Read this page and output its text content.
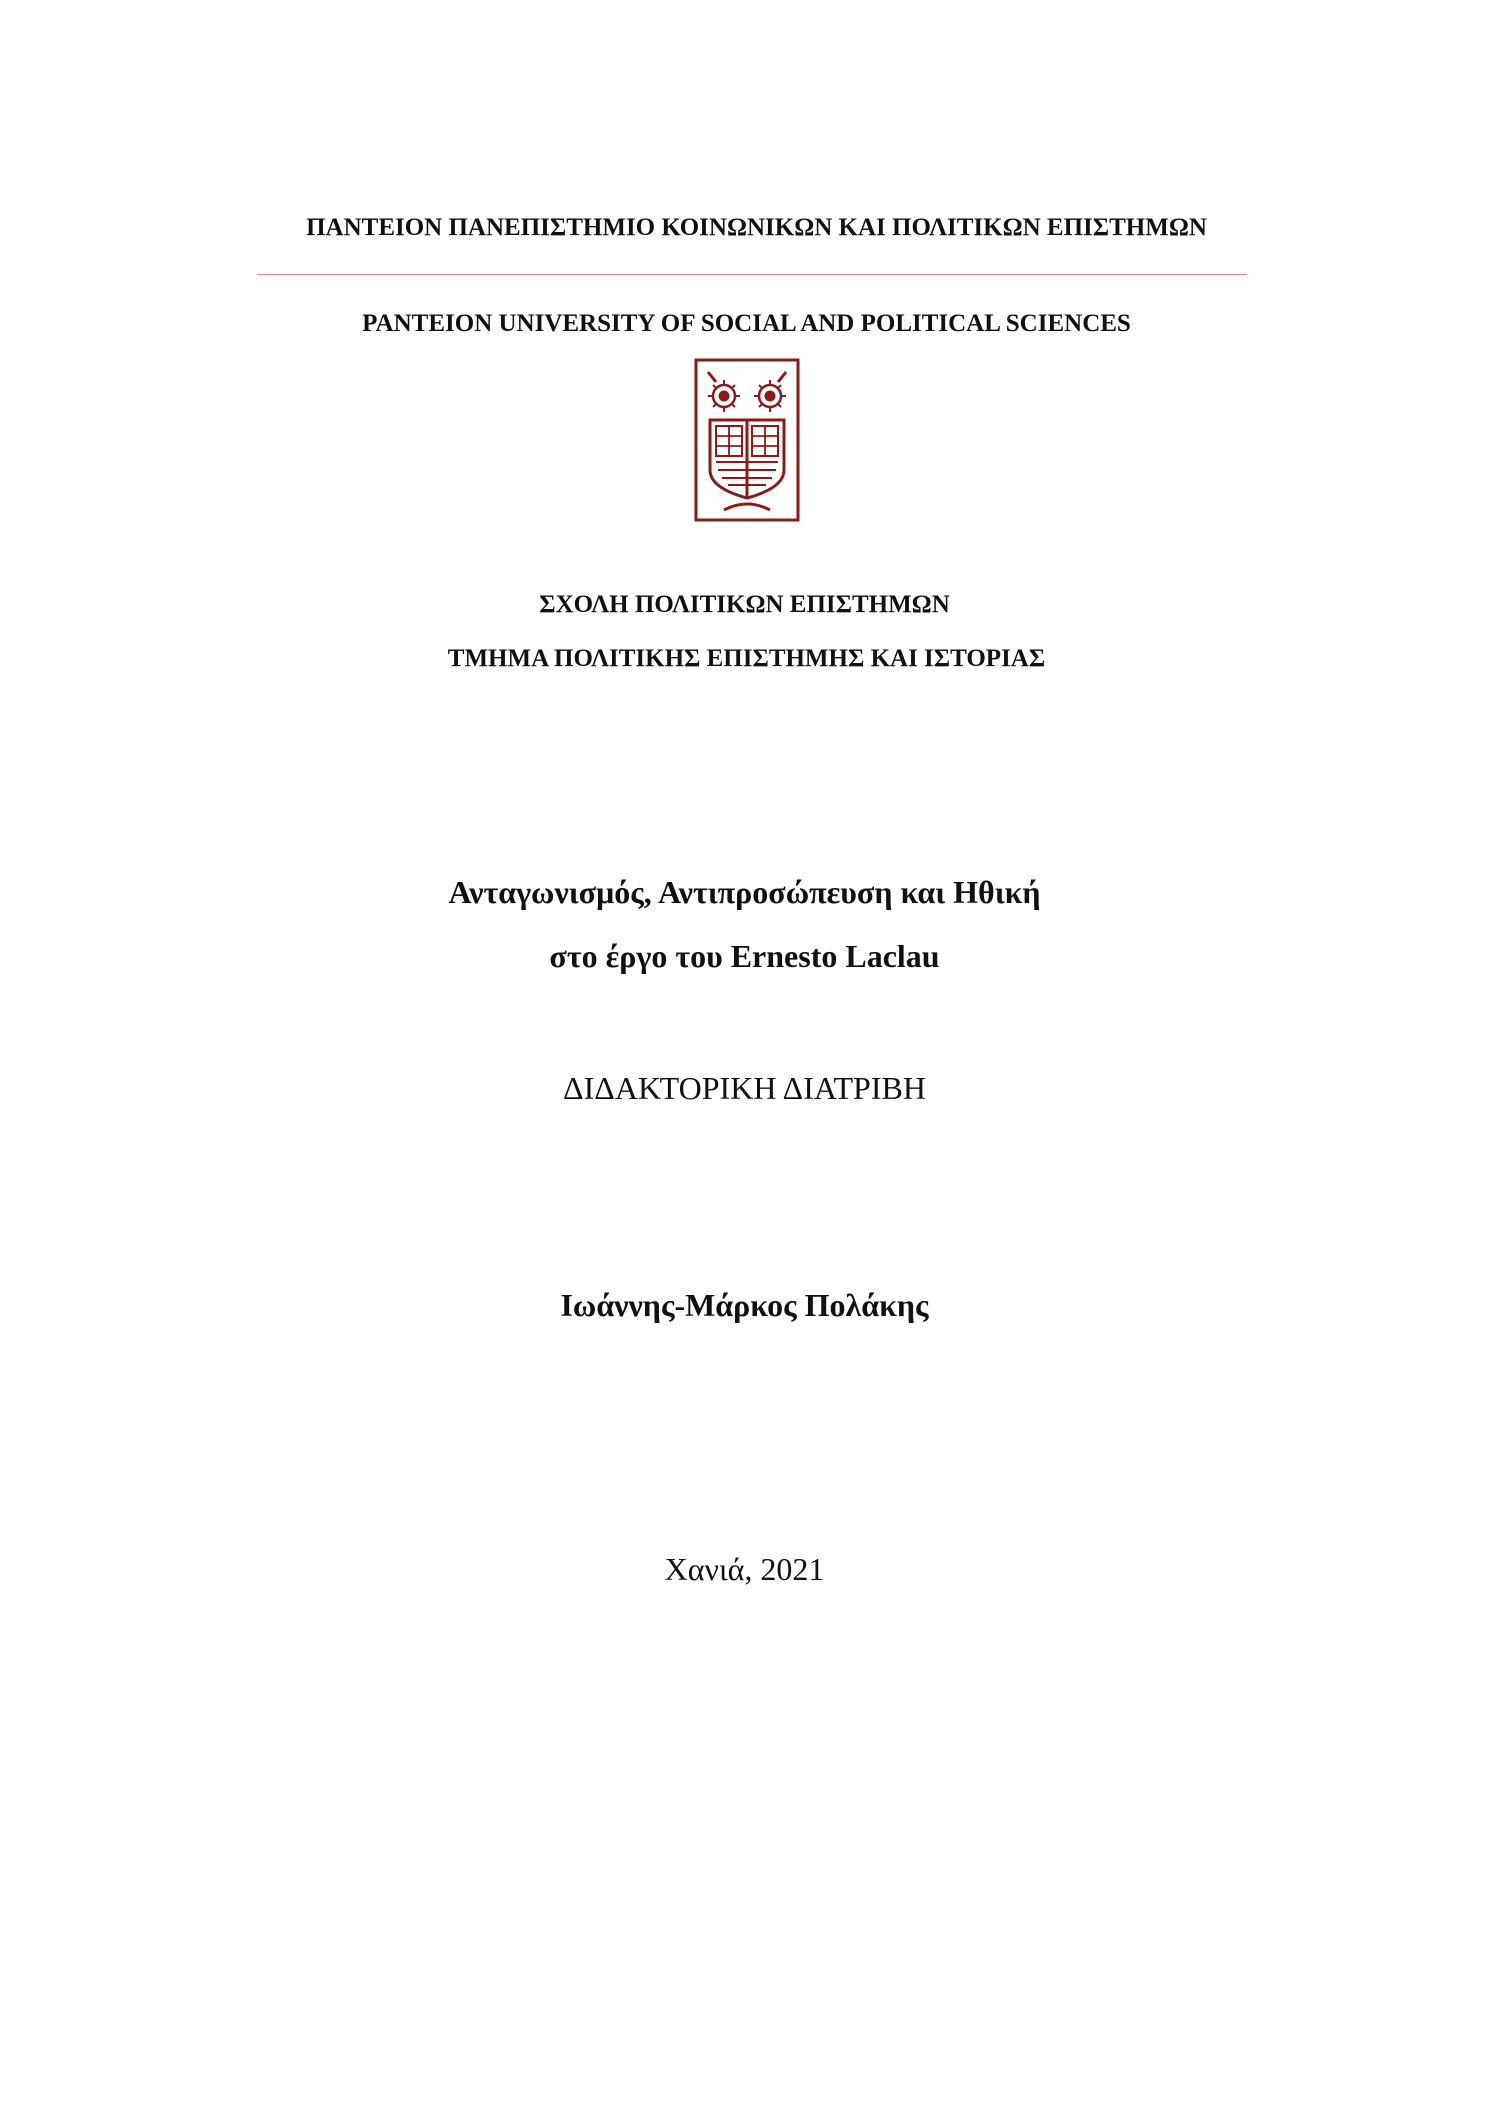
ΠΑΝΤΕΙΟΝ ΠΑΝΕΠΙΣΤΗΜΙΟ ΚΟΙΝΩΝΙΚΩΝ ΚΑΙ ΠΟΛΙΤΙΚΩΝ ΕΠΙΣΤΗΜΩΝ
PANTEION UNIVERSITY OF SOCIAL AND POLITICAL SCIENCES
ΣΧΟΛΗ ΠΟΛΙΤΙΚΩΝ ΕΠΙΣΤΗΜΩΝ
ΤΜΗΜΑ ΠΟΛΙΤΙΚΗΣ ΕΠΙΣΤΗΜΗΣ ΚΑΙ ΙΣΤΟΡΙΑΣ
Ανταγωνισμός, Αντιπροσώπευση και Ηθική
στο έργο του Ernesto Laclau
ΔΙΔΑΚΤΟΡΙΚΗ ΔΙΑΤΡΙΒΗ
Ιωάννης-Μάρκος Πολάκης
Χανιά, 2021
